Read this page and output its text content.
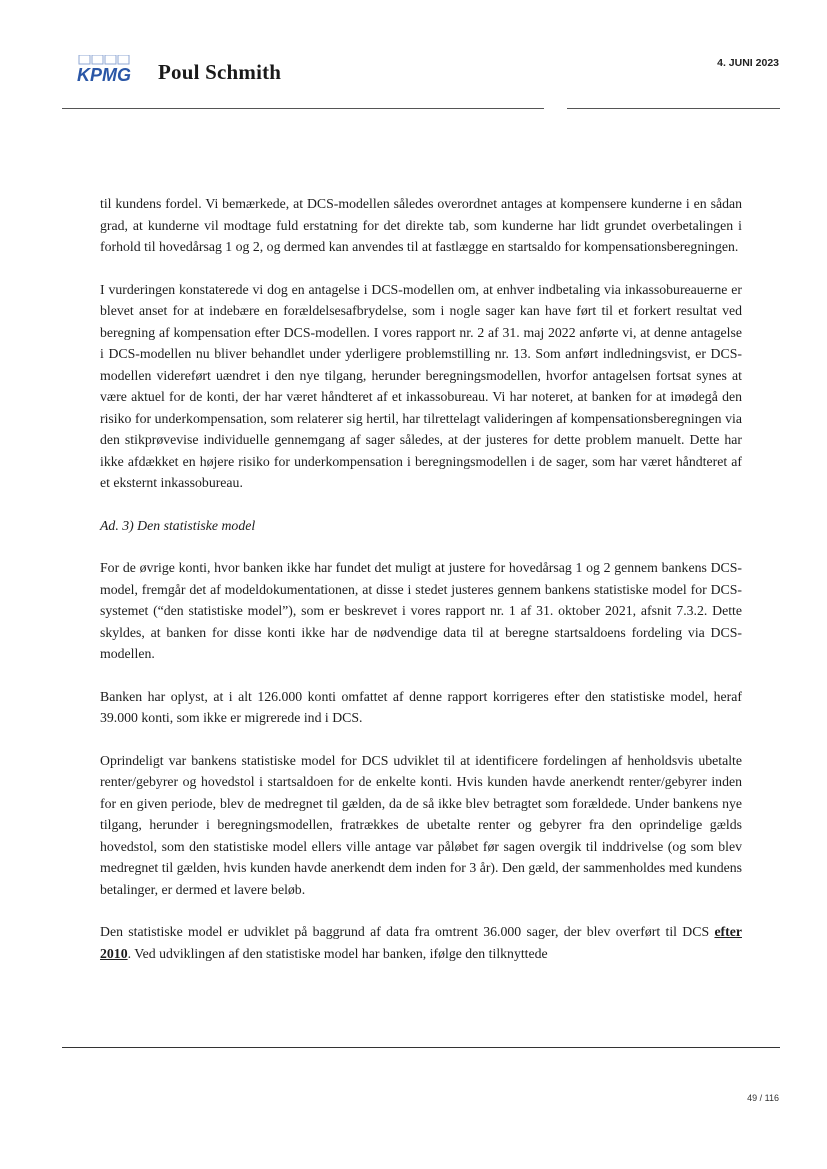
KPMG Poul Schmith	4. JUNI 2023

til kundens fordel. Vi bemærkede, at DCS-modellen således overordnet antages at kompensere kunderne i en sådan grad, at kunderne vil modtage fuld erstatning for det direkte tab, som kunderne har lidt grundet overbetalingen i forhold til hovedårsag 1 og 2, og dermed kan anvendes til at fastlægge en startsaldo for kompensationsberegningen.

I vurderingen konstaterede vi dog en antagelse i DCS-modellen om, at enhver indbetaling via inkassobureauerne er blevet anset for at indebære en forældelsesafbrydelse, som i nogle sager kan have ført til et forkert resultat ved beregning af kompensation efter DCS-modellen. I vores rapport nr. 2 af 31. maj 2022 anførte vi, at denne antagelse i DCS-modellen nu bliver behandlet under yderligere problemstilling nr. 13. Som anført indledningsvist, er DCS-modellen videreført uændret i den nye tilgang, herunder beregningsmodellen, hvorfor antagelsen fortsat synes at være aktuel for de konti, der har været håndteret af et inkassobureau. Vi har noteret, at banken for at imødegå den risiko for underkompensation, som relaterer sig hertil, har tilrettelagt valideringen af kompensationsberegningen via den stikprøvevise individuelle gennemgang af sager således, at der justeres for dette problem manuelt. Dette har ikke afdækket en højere risiko for underkompensation i beregningsmodellen i de sager, som har været håndteret af et eksternt inkassobureau.

Ad. 3) Den statistiske model

For de øvrige konti, hvor banken ikke har fundet det muligt at justere for hovedårsag 1 og 2 gennem bankens DCS-model, fremgår det af modeldokumentationen, at disse i stedet justeres gennem bankens statistiske model for DCS-systemet (“den statistiske model”), som er beskrevet i vores rapport nr. 1 af 31. oktober 2021, afsnit 7.3.2. Dette skyldes, at banken for disse konti ikke har de nødvendige data til at beregne startsaldoens fordeling via DCS-modellen.

Banken har oplyst, at i alt 126.000 konti omfattet af denne rapport korrigeres efter den statistiske model, heraf 39.000 konti, som ikke er migrerede ind i DCS.

Oprindeligt var bankens statistiske model for DCS udviklet til at identificere fordelingen af henholdsvis ubetalte renter/gebyrer og hovedstol i startsaldoen for de enkelte konti. Hvis kunden havde anerkendt renter/gebyrer inden for en given periode, blev de medregnet til gælden, da de så ikke blev betragtet som forældede. Under bankens nye tilgang, herunder i beregningsmodellen, fratrækkes de ubetalte renter og gebyrer fra den oprindelige gælds hovedstol, som den statistiske model ellers ville antage var påløbet før sagen overgik til inddrivelse (og som blev medregnet til gælden, hvis kunden havde anerkendt dem inden for 3 år). Den gæld, der sammenholdes med kundens betalinger, er dermed et lavere beløb.

Den statistiske model er udviklet på baggrund af data fra omtrent 36.000 sager, der blev overført til DCS efter 2010. Ved udviklingen af den statistiske model har banken, ifølge den tilknyttede

49 / 116
